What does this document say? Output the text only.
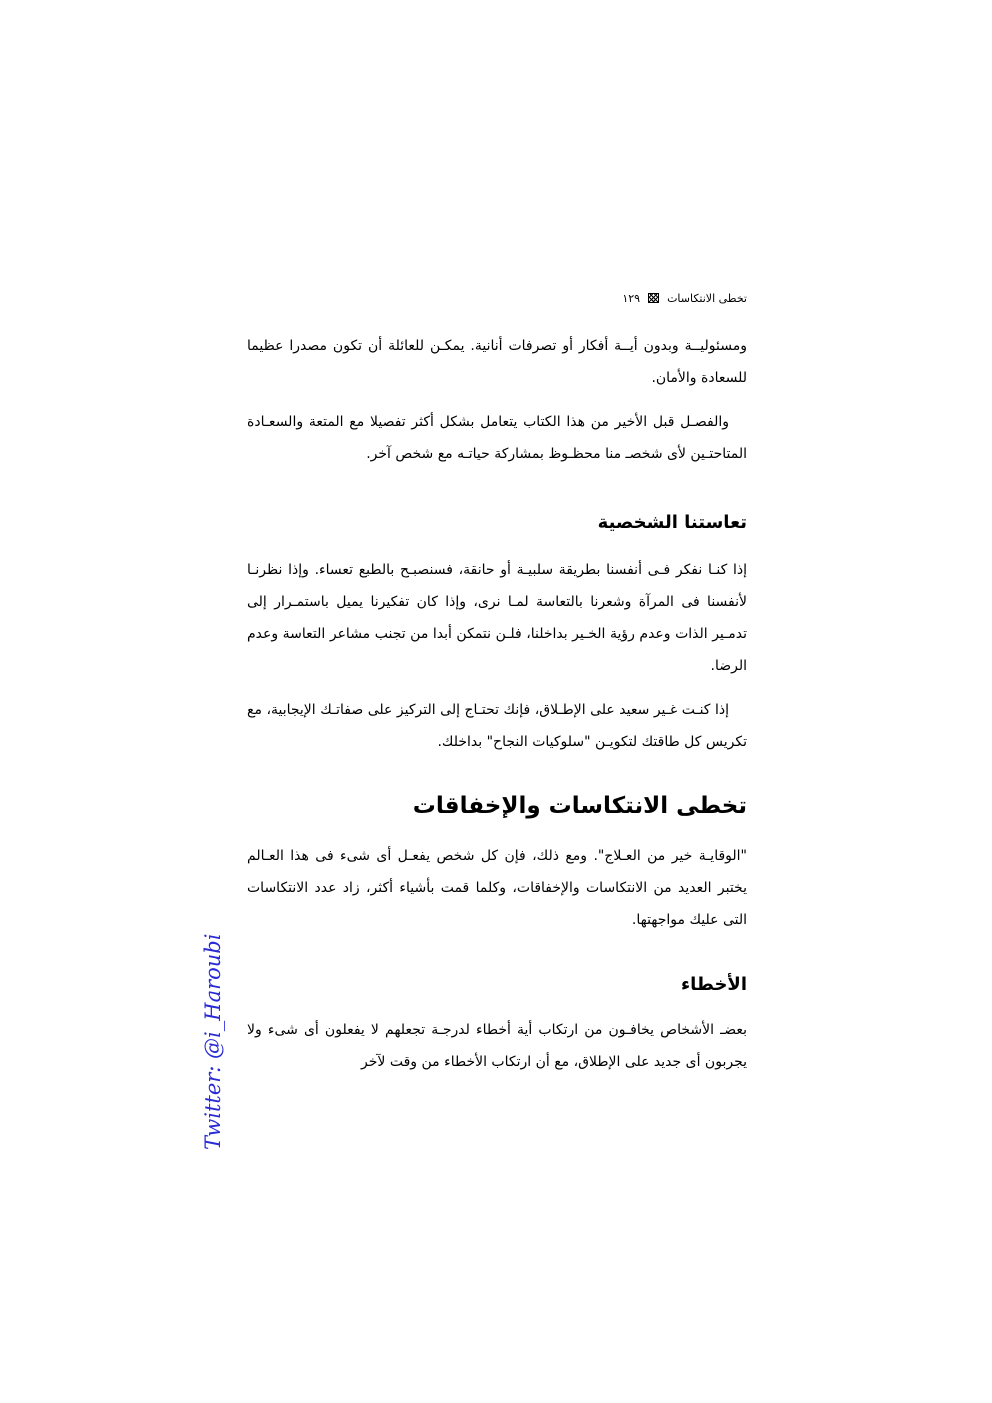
١٢٩ تخطى الانتكاسات

ومسئوليــة وبدون أيــة أفكار أو تصرفات أنانية. يمكـن للعائلة أن تكون مصدرا عظيما للسعادة والأمان.

والفصـل قبل الأخير من هذا الكتاب يتعامل بشكل أكثر تفصيلا مع المتعة والسعـادة المتاحتـين لأى شخصـ منا محظـوظ بمشاركة حياتـه مع شخص آخر.

تعاستنا الشخصية

إذا كنـا نفكر فـى أنفسنا بطريقة سلبيـة أو حانقة، فسنصبـح بالطبع تعساء. وإذا نظرنـا لأنفسنا فى المرآة وشعرنا بالتعاسة لمـا نرى، وإذا كان تفكيرنا يميل باستمـرار إلى تدمـير الذات وعدم رؤية الخـير بداخلنا، فلـن نتمكن أبدا من تجنب مشاعر التعاسة وعدم الرضا.

إذا كنـت غـير سعيد على الإطـلاق، فإنك تحتـاج إلى التركيز على صفاتـك الإيجابية، مع تكريس كل طاقتك لتكويـن "سلوكيات النجاح" بداخلك.

تخطى الانتكاسات والإخفاقات

"الوقايـة خير من العـلاج". ومع ذلك، فإن كل شخص يفعـل أى شىء فى هذا العـالم يختبر العديد من الانتكاسات والإخفاقات، وكلما قمت بأشياء أكثر، زاد عدد الانتكاسات التى عليك مواجهتها.

الأخطاء

بعضـ الأشخاص يخافـون من ارتكاب أية أخطاء لدرجـة تجعلهم لا يفعلون أى شىء ولا يجربون أى جديد على الإطلاق، مع أن ارتكاب الأخطاء من وقت لآخر

Twitter: @i_Haroubi
